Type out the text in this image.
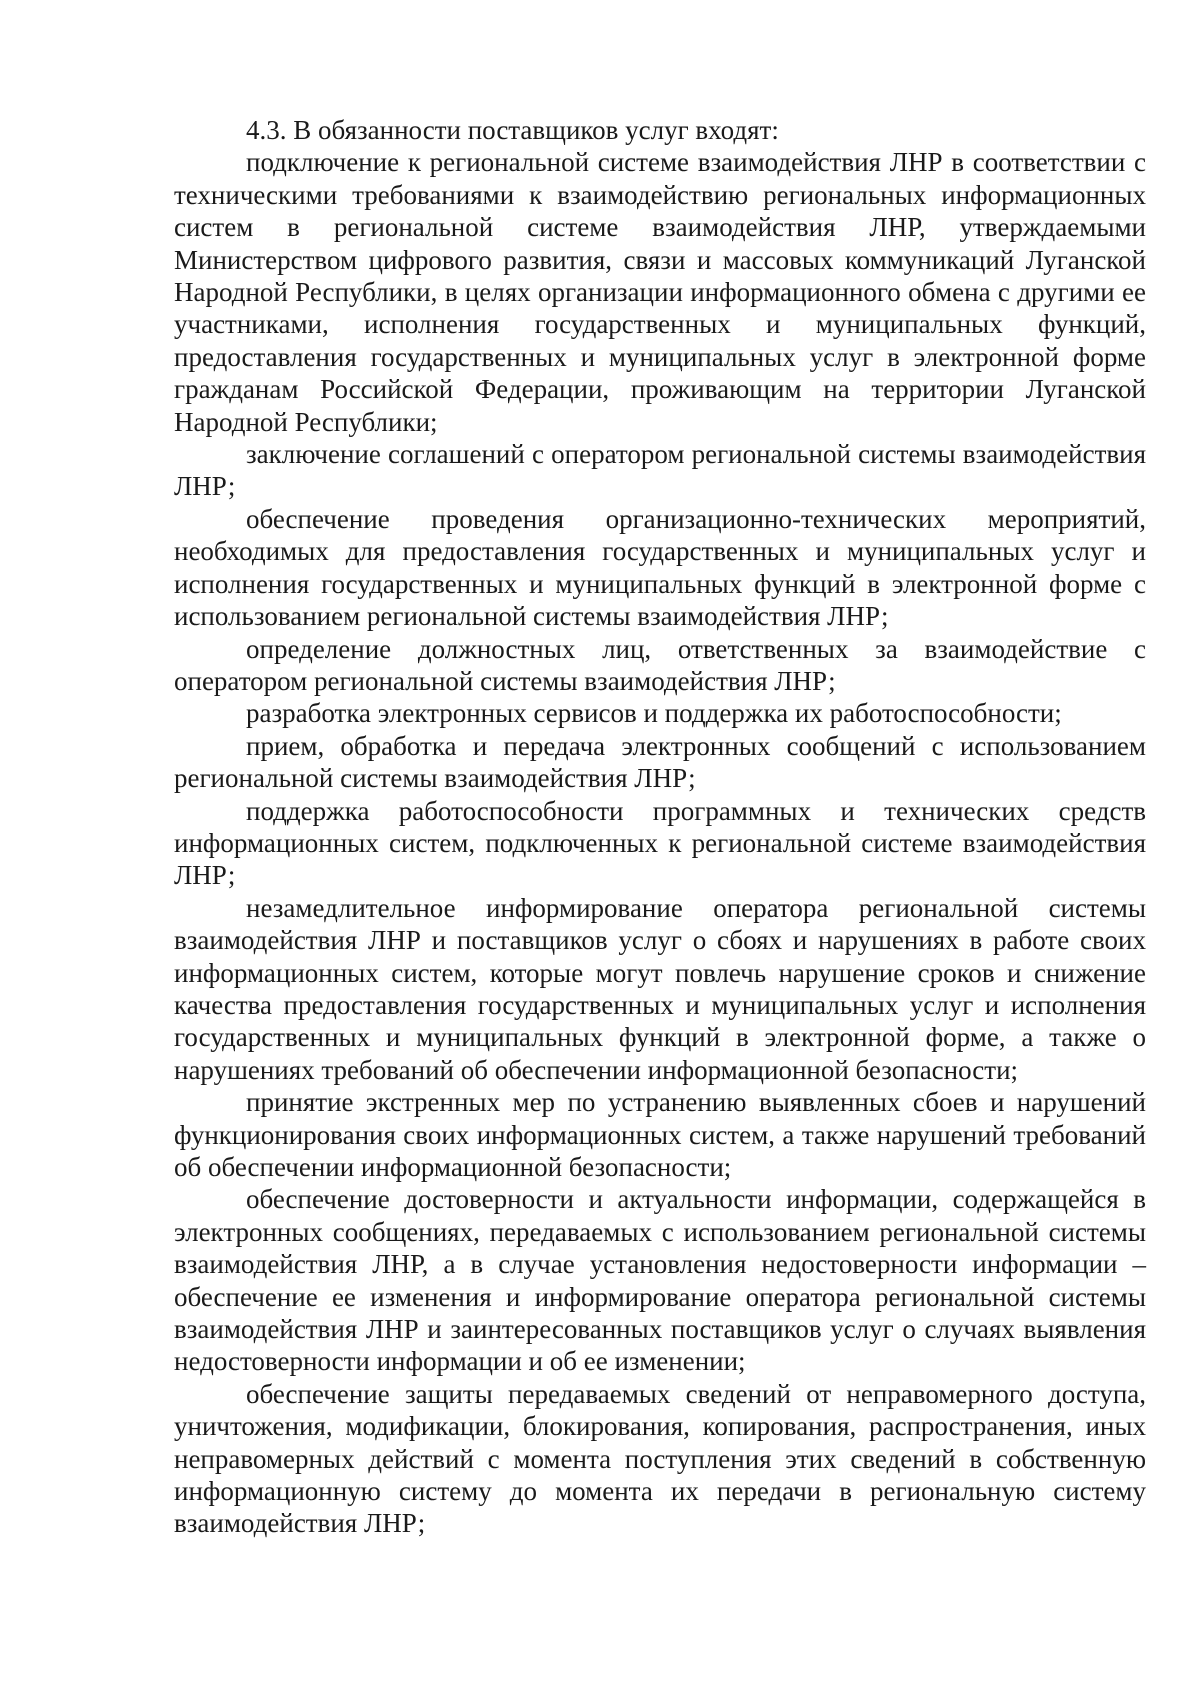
4.3. В обязанности поставщиков услуг входят:

подключение к региональной системе взаимодействия ЛНР в соответствии с техническими требованиями к взаимодействию региональных информационных систем в региональной системе взаимодействия ЛНР, утверждаемыми Министерством цифрового развития, связи и массовых коммуникаций Луганской Народной Республики, в целях организации информационного обмена с другими ее участниками, исполнения государственных и муниципальных функций, предоставления государственных и муниципальных услуг в электронной форме гражданам Российской Федерации, проживающим на территории Луганской Народной Республики;

заключение соглашений с оператором региональной системы взаимодействия ЛНР;

обеспечение проведения организационно-технических мероприятий, необходимых для предоставления государственных и муниципальных услуг и исполнения государственных и муниципальных функций в электронной форме с использованием региональной системы взаимодействия ЛНР;

определение должностных лиц, ответственных за взаимодействие с оператором региональной системы взаимодействия ЛНР;

разработка электронных сервисов и поддержка их работоспособности;

прием, обработка и передача электронных сообщений с использованием региональной системы взаимодействия ЛНР;

поддержка работоспособности программных и технических средств информационных систем, подключенных к региональной системе взаимодействия ЛНР;

незамедлительное информирование оператора региональной системы взаимодействия ЛНР и поставщиков услуг о сбоях и нарушениях в работе своих информационных систем, которые могут повлечь нарушение сроков и снижение качества предоставления государственных и муниципальных услуг и исполнения государственных и муниципальных функций в электронной форме, а также о нарушениях требований об обеспечении информационной безопасности;

принятие экстренных мер по устранению выявленных сбоев и нарушений функционирования своих информационных систем, а также нарушений требований об обеспечении информационной безопасности;

обеспечение достоверности и актуальности информации, содержащейся в электронных сообщениях, передаваемых с использованием региональной системы взаимодействия ЛНР, а в случае установления недостоверности информации – обеспечение ее изменения и информирование оператора региональной системы взаимодействия ЛНР и заинтересованных поставщиков услуг о случаях выявления недостоверности информации и об ее изменении;

обеспечение защиты передаваемых сведений от неправомерного доступа, уничтожения, модификации, блокирования, копирования, распространения, иных неправомерных действий с момента поступления этих сведений в собственную информационную систему до момента их передачи в региональную систему взаимодействия ЛНР;
